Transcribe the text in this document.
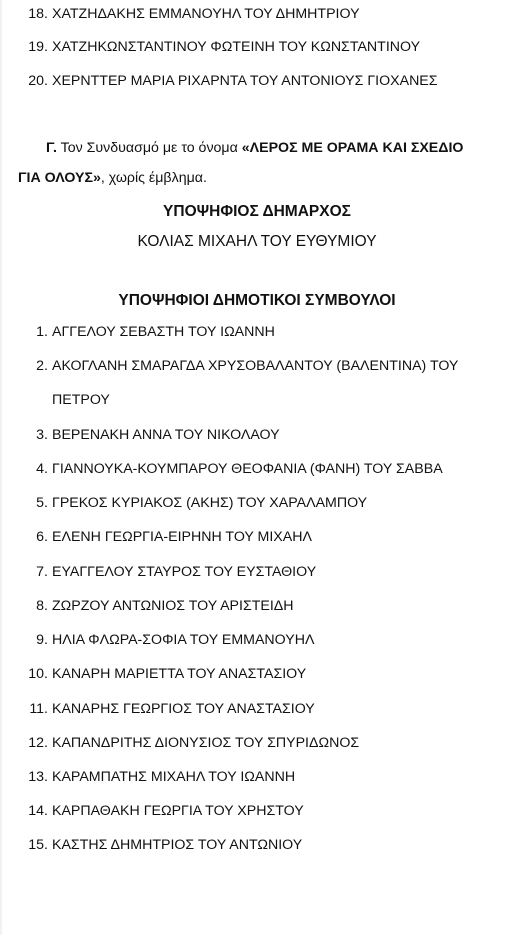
18. ΧΑΤΖΗΔΑΚΗΣ ΕΜΜΑΝΟΥΗΛ ΤΟΥ ΔΗΜΗΤΡΙΟΥ
19. ΧΑΤΖΗΚΩΝΣΤΑΝΤΙΝΟΥ ΦΩΤΕΙΝΗ ΤΟΥ ΚΩΝΣΤΑΝΤΙΝΟΥ
20. ΧΕΡΝΤΤΕΡ ΜΑΡΙΑ ΡΙΧΑΡΝΤΑ ΤΟΥ ΑΝΤΟΝΙΟΥΣ ΓΙΟΧΑΝΕΣ
Γ. Τον Συνδυασμό με το όνομα «ΛΕΡΟΣ ΜΕ ΟΡΑΜΑ ΚΑΙ ΣΧΕΔΙΟ
ΓΙΑ ΟΛΟΥΣ», χωρίς έμβλημα.
ΥΠΟΨΗΦΙΟΣ ΔΗΜΑΡΧΟΣ
ΚΟΛΙΑΣ ΜΙΧΑΗΛ ΤΟΥ ΕΥΘΥΜΙΟΥ
ΥΠΟΨΗΦΙΟΙ ΔΗΜΟΤΙΚΟΙ ΣΥΜΒΟΥΛΟΙ
1. ΑΓΓΕΛΟΥ ΣΕΒΑΣΤΗ ΤΟΥ ΙΩΑΝΝΗ
2. ΑΚΟΓΛΑΝΗ ΣΜΑΡΑΓΔΑ ΧΡΥΣΟΒΑΛΑΝΤΟΥ (ΒΑΛΕΝΤΙΝΑ) ΤΟΥ
ΠΕΤΡΟΥ
3. ΒΕΡΕΝΑΚΗ ΑΝΝΑ ΤΟΥ ΝΙΚΟΛΑΟΥ
4. ΓΙΑΝΝΟΥΚΑ-ΚΟΥΜΠΑΡΟΥ ΘΕΟΦΑΝΙΑ (ΦΑΝΗ) ΤΟΥ ΣΑΒΒΑ
5. ΓΡΕΚΟΣ ΚΥΡΙΑΚΟΣ (ΑΚΗΣ) ΤΟΥ ΧΑΡΑΛΑΜΠΟΥ
6. ΕΛΕΝΗ ΓΕΩΡΓΙΑ-ΕΙΡΗΝΗ ΤΟΥ ΜΙΧΑΗΛ
7. ΕΥΑΓΓΕΛΟΥ ΣΤΑΥΡΟΣ ΤΟΥ ΕΥΣΤΑΘΙΟΥ
8. ΖΩΡΖΟΥ ΑΝΤΩΝΙΟΣ ΤΟΥ ΑΡΙΣΤΕΙΔΗ
9. ΗΛΙΑ ΦΛΩΡΑ-ΣΟΦΙΑ ΤΟΥ ΕΜΜΑΝΟΥΗΛ
10. ΚΑΝΑΡΗ ΜΑΡΙΕΤΤΑ ΤΟΥ ΑΝΑΣΤΑΣΙΟΥ
11. ΚΑΝΑΡΗΣ ΓΕΩΡΓΙΟΣ ΤΟΥ ΑΝΑΣΤΑΣΙΟΥ
12. ΚΑΠΑΝΔΡΙΤΗΣ ΔΙΟΝΥΣΙΟΣ ΤΟΥ ΣΠΥΡΙΔΩΝΟΣ
13. ΚΑΡΑΜΠΑΤΗΣ ΜΙΧΑΗΛ ΤΟΥ ΙΩΑΝΝΗ
14. ΚΑΡΠΑΘΑΚΗ ΓΕΩΡΓΙΑ ΤΟΥ ΧΡΗΣΤΟΥ
15. ΚΑΣΤΗΣ ΔΗΜΗΤΡΙΟΣ ΤΟΥ ΑΝΤΩΝΙΟΥ
